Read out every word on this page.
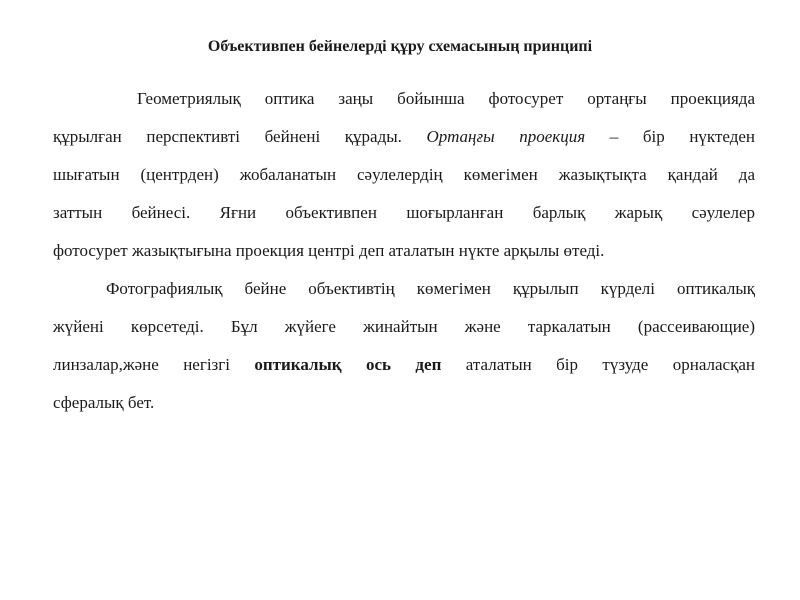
Объективпен бейнелерді құру схемасының принципі
Геометриялық оптика заңы бойынша фотосурет ортаңғы проекцияда
құрылған перспективті бейнені құрады. Ортаңғы проекция – бір нүктеден
шығатын (центрден) жобаланатын сәулелердің көмегімен жазықтықта қандай да
заттын бейнесі. Яғни объективпен шоғырланған барлық жарық сәулелер
фотосурет жазықтығына проекция центрі деп аталатын нүкте арқылы өтеді.
Фотографиялық бейне объективтің көмегімен құрылып күрделі оптикалық
жүйені көрсетеді. Бұл жүйеге жинайтын және таркалатын (рассеивающие)
линзалар,және негізгі оптикалық ось деп аталатын бір түзуде орналасқан
сфералық бет.
